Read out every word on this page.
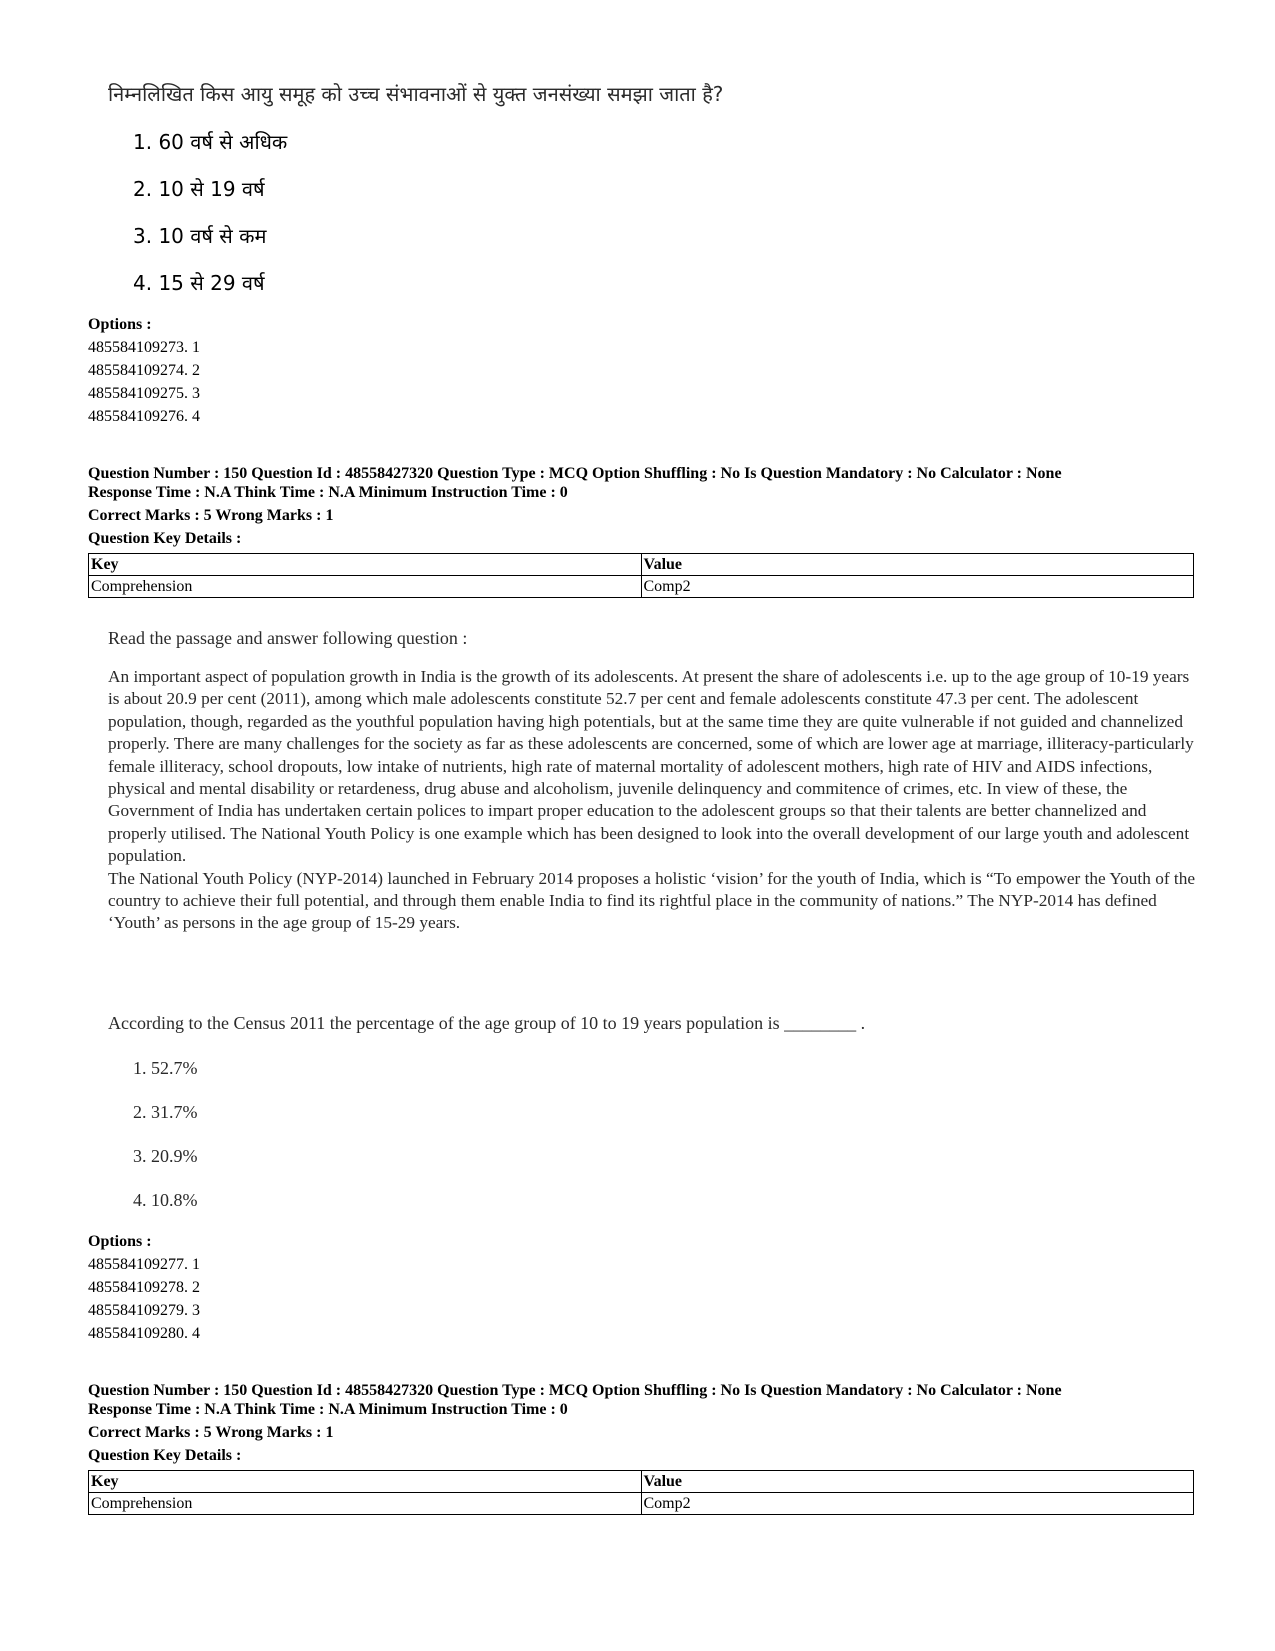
निम्नलिखित किस आयु समूह को उच्च संभावनाओं से युक्त जनसंख्या समझा जाता है?
1. 60 वर्ष से अधिक
2. 10 से 19 वर्ष
3. 10 वर्ष से कम
4. 15 से 29 वर्ष
Options :
485584109273. 1
485584109274. 2
485584109275. 3
485584109276. 4
Question Number : 150 Question Id : 48558427320 Question Type : MCQ Option Shuffling : No Is Question Mandatory : No Calculator : None
Response Time : N.A Think Time : N.A Minimum Instruction Time : 0
Correct Marks : 5 Wrong Marks : 1
Question Key Details :
Key	Value
Comprehension	Comp2
Read the passage and answer following question :

An important aspect of population growth in India is the growth of its adolescents. At present the share of adolescents i.e. up to the age group of 10-19 years is about 20.9 per cent (2011), among which male adolescents constitute 52.7 per cent and female adolescents constitute 47.3 per cent. The adolescent population, though, regarded as the youthful population having high potentials, but at the same time they are quite vulnerable if not guided and channelized properly. There are many challenges for the society as far as these adolescents are concerned, some of which are lower age at marriage, illiteracy-particularly female illiteracy, school dropouts, low intake of nutrients, high rate of maternal mortality of adolescent mothers, high rate of HIV and AIDS infections, physical and mental disability or retardeness, drug abuse and alcoholism, juvenile delinquency and commitence of crimes, etc. In view of these, the Government of India has undertaken certain polices to impart proper education to the adolescent groups so that their talents are better channelized and properly utilised. The National Youth Policy is one example which has been designed to look into the overall development of our large youth and adolescent population.

The National Youth Policy (NYP-2014) launched in February 2014 proposes a holistic ‘vision’ for the youth of India, which is “To empower the Youth of the country to achieve their full potential, and through them enable India to find its rightful place in the community of nations.” The NYP-2014 has defined ‘Youth’ as persons in the age group of 15-29 years.

According to the Census 2011 the percentage of the age group of 10 to 19 years population is ________ .
1. 52.7%
2. 31.7%
3. 20.9%
4. 10.8%
Options :
485584109277. 1
485584109278. 2
485584109279. 3
485584109280. 4
Question Number : 150 Question Id : 48558427320 Question Type : MCQ Option Shuffling : No Is Question Mandatory : No Calculator : None
Response Time : N.A Think Time : N.A Minimum Instruction Time : 0
Correct Marks : 5 Wrong Marks : 1
Question Key Details :
Key	Value
Comprehension	Comp2
